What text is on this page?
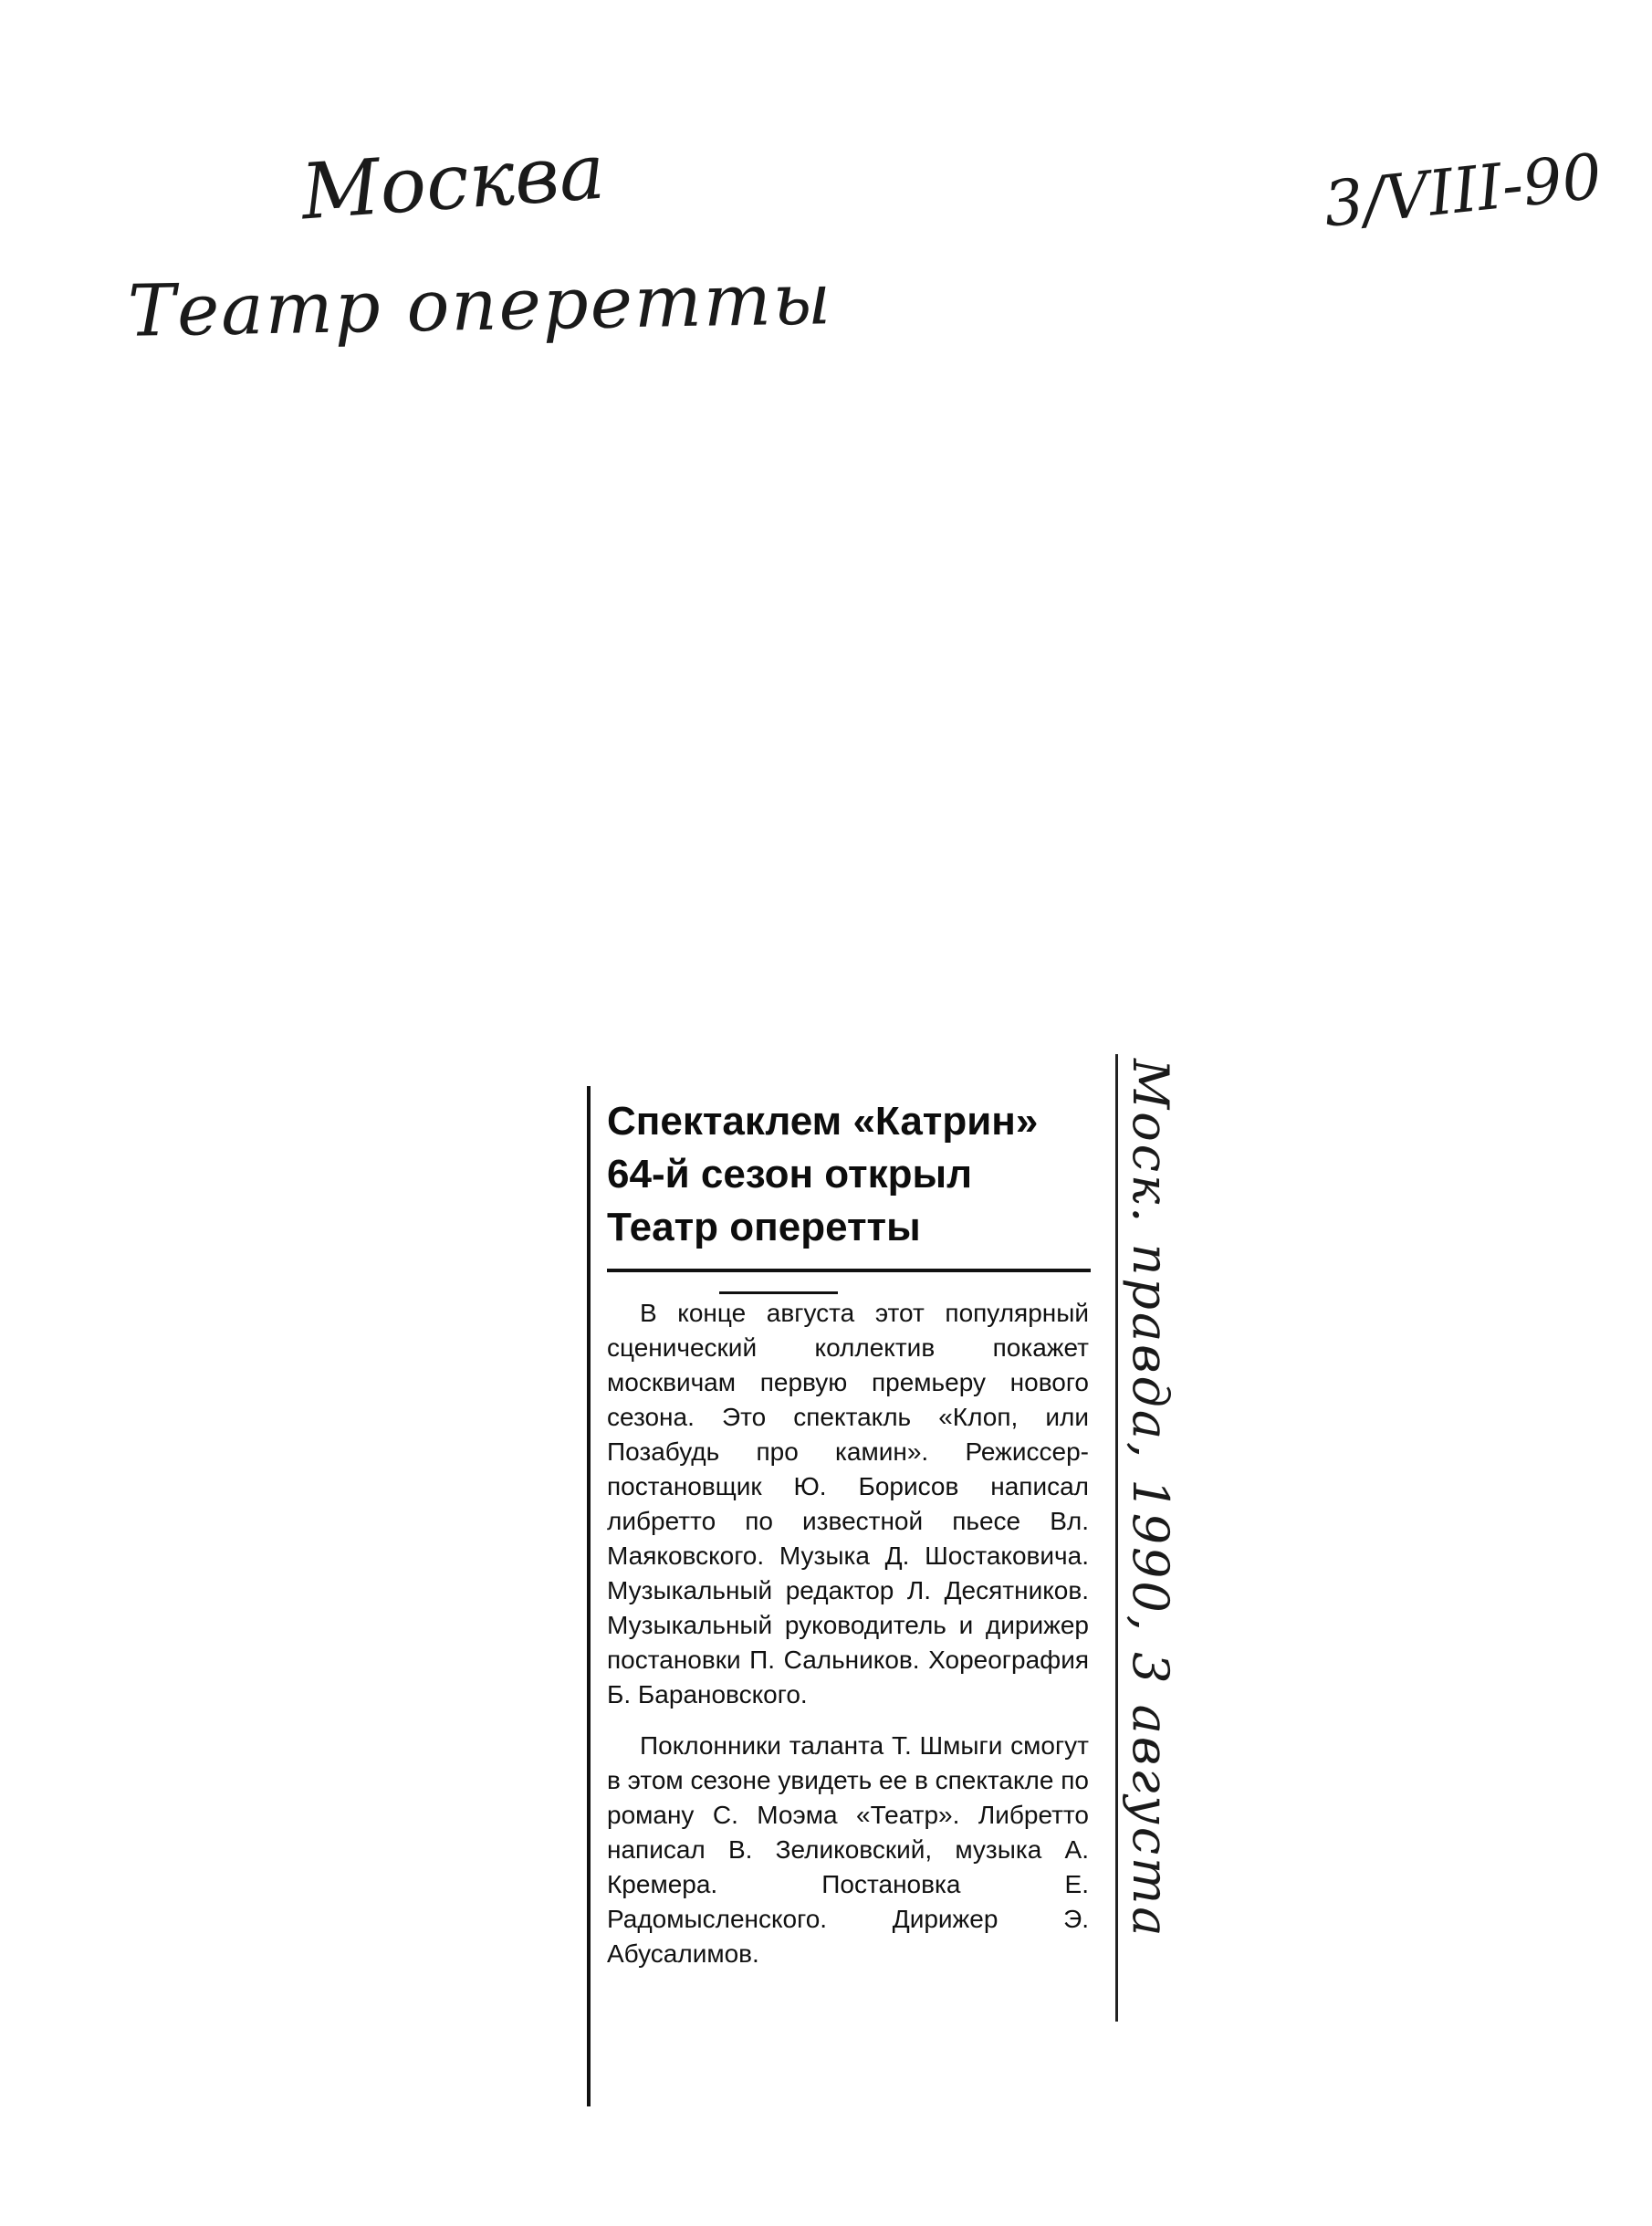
Москва
Театр оперетты
3/VIII-90
Спектаклем «Катрин»
64-й сезон открыл
Театр оперетты

В конце августа этот популярный сценический коллектив покажет москвичам первую премьеру нового сезона. Это спектакль «Клоп, или Позабудь про камин». Режиссер-постановщик Ю. Борисов написал либретто по известной пьесе Вл. Маяковского. Музыка Д. Шостаковича. Музыкальный редактор Л. Десятников. Музыкальный руководитель и дирижер постановки П. Сальников. Хореография Б. Барановского.

Поклонники таланта Т. Шмыги смогут в этом сезоне увидеть ее в спектакле по роману С. Моэма «Театр». Либретто написал В. Зеликовский, музыка А. Кремера. Постановка Е. Радомысленского. Дирижер Э. Абусалимов.

Моск. правда, 1990, 3 августа
